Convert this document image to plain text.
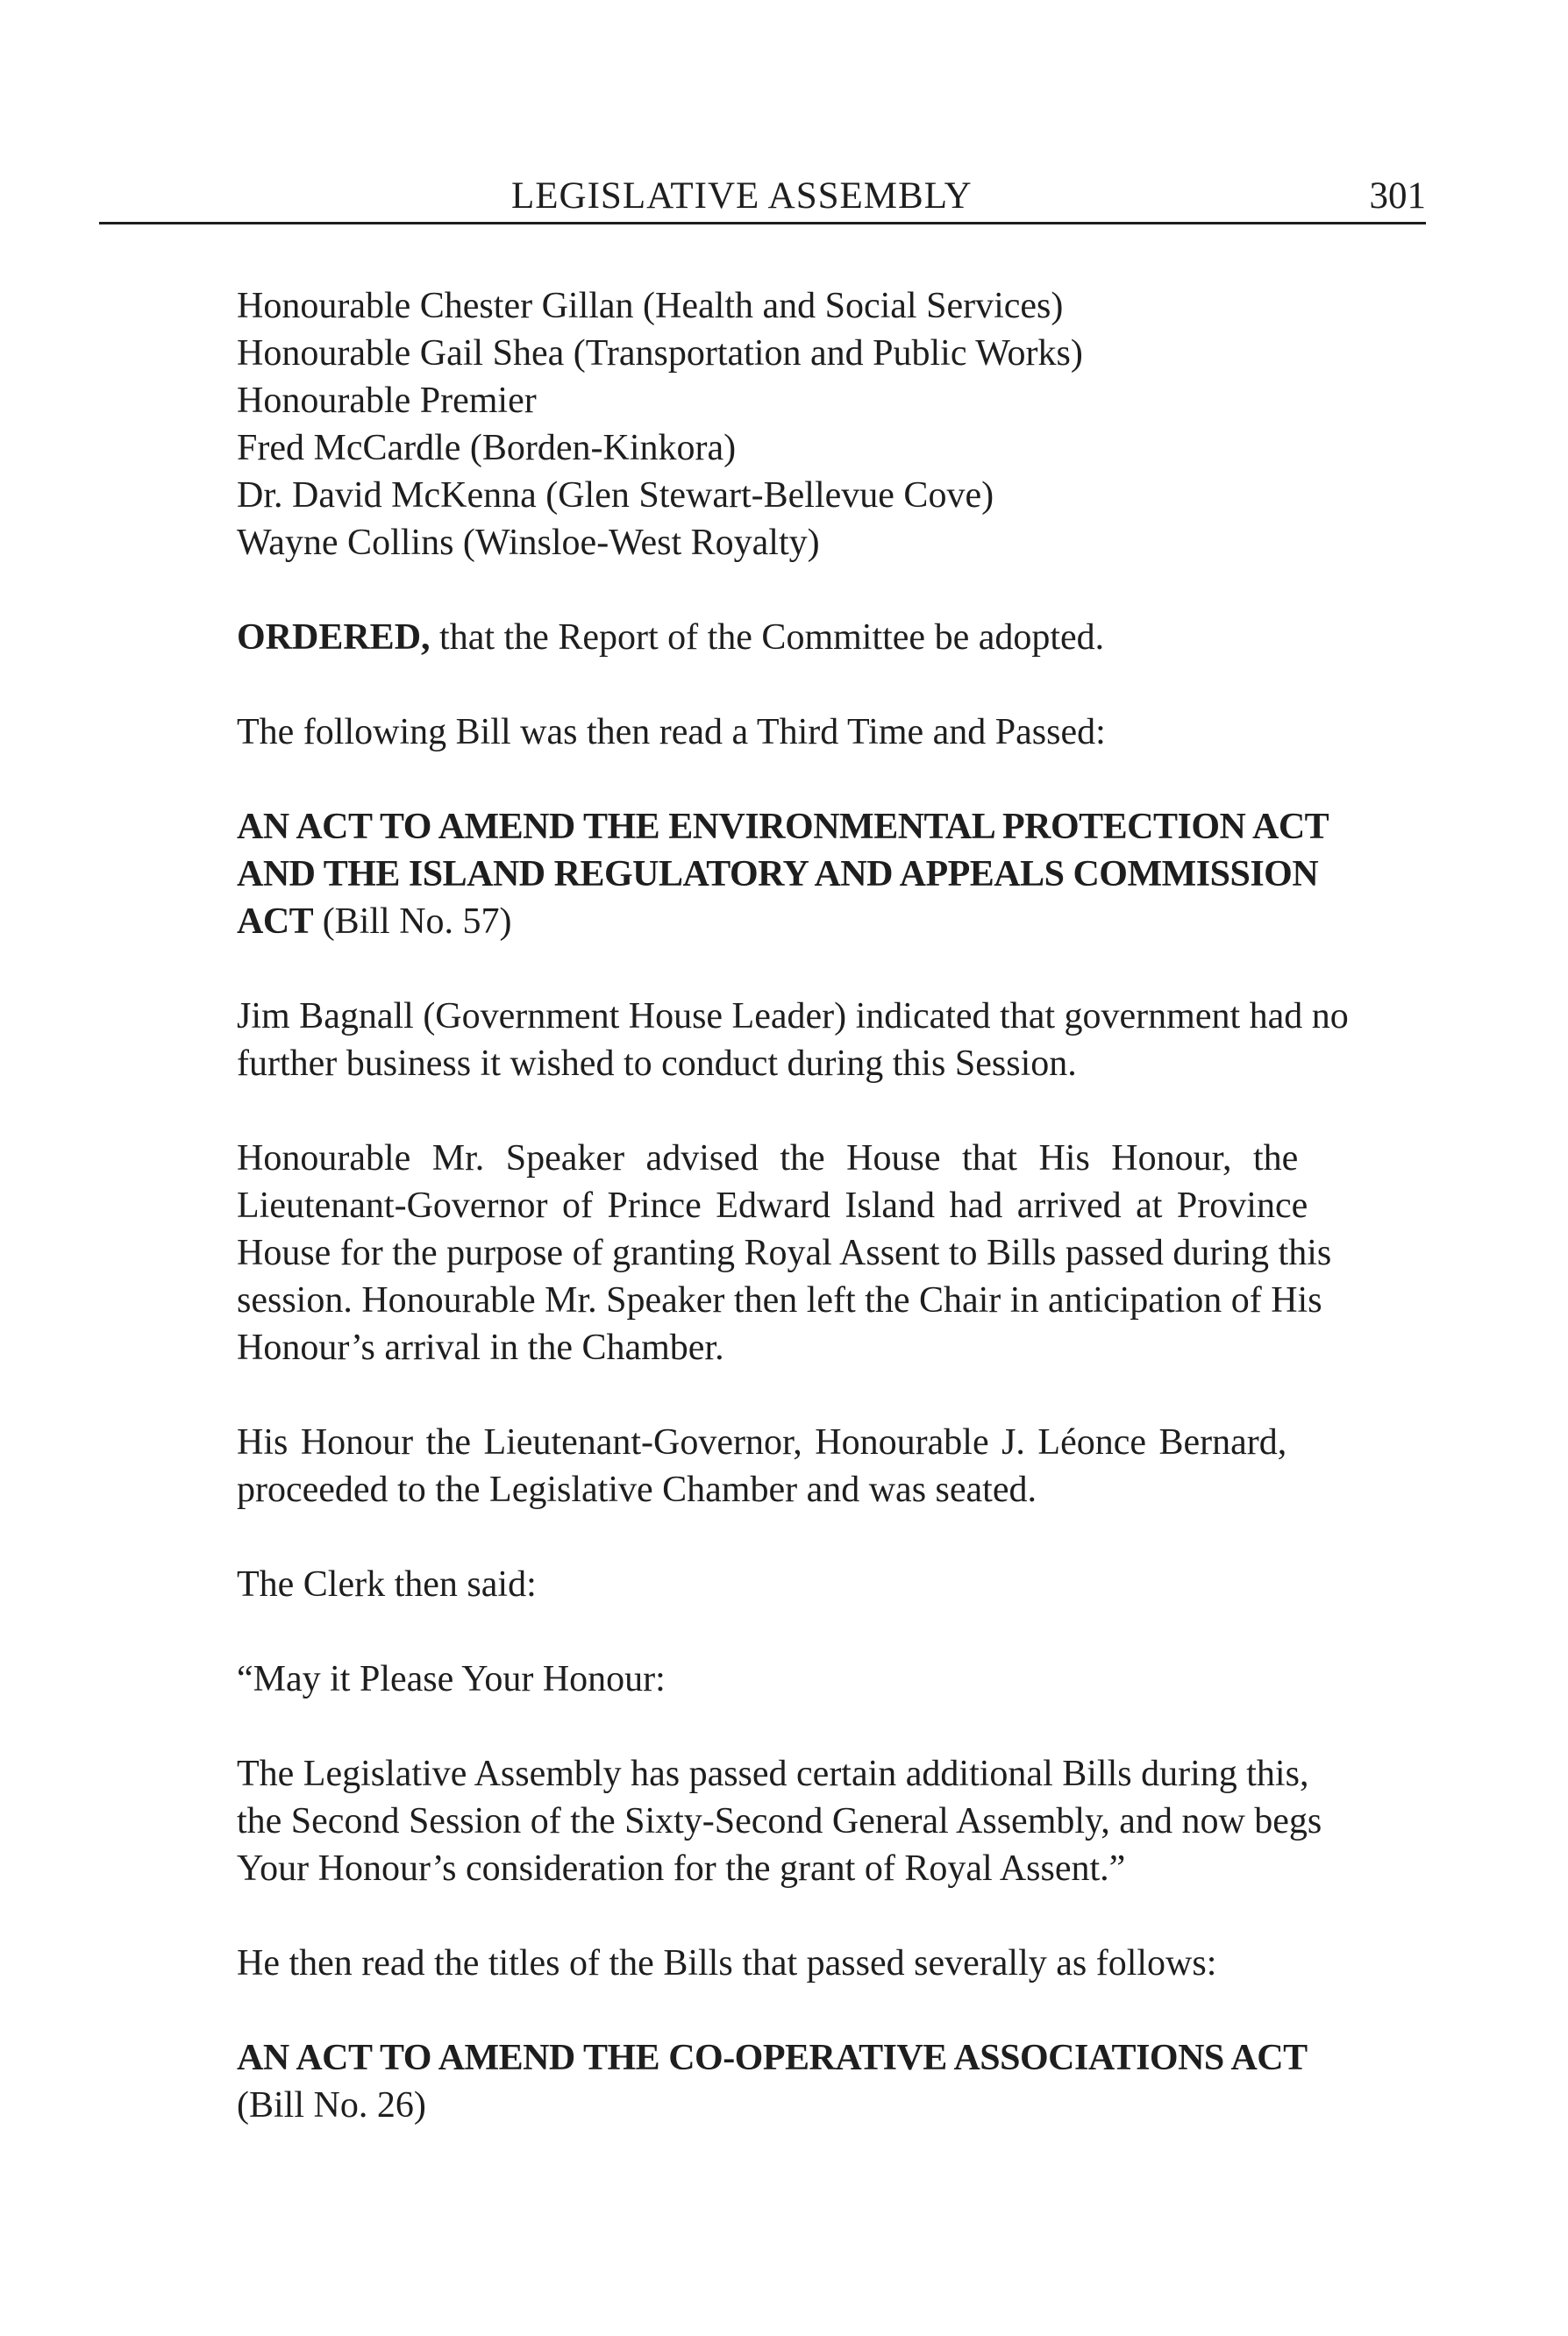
LEGISLATIVE ASSEMBLY	301
Honourable Chester Gillan (Health and Social Services)
Honourable Gail Shea (Transportation and Public Works)
Honourable Premier
Fred McCardle (Borden-Kinkora)
Dr. David McKenna (Glen Stewart-Bellevue Cove)
Wayne Collins (Winsloe-West Royalty)
ORDERED, that the Report of the Committee be adopted.
The following Bill was then read a Third Time and Passed:
AN ACT TO AMEND THE ENVIRONMENTAL PROTECTION ACT
AND THE ISLAND REGULATORY AND APPEALS COMMISSION
ACT (Bill No. 57)
Jim Bagnall (Government House Leader) indicated that government had no
further business it wished to conduct during this Session.
Honourable Mr. Speaker advised the House that His Honour, the
Lieutenant-Governor of Prince Edward Island had arrived at Province
House for the purpose of granting Royal Assent to Bills passed during this
session. Honourable Mr. Speaker then left the Chair in anticipation of His
Honour’s arrival in the Chamber.
His Honour the Lieutenant-Governor, Honourable J. Léonce Bernard,
proceeded to the Legislative Chamber and was seated.
The Clerk then said:
“May it Please Your Honour:
The Legislative Assembly has passed certain additional Bills during this,
the Second Session of the Sixty-Second General Assembly, and now begs
Your Honour’s consideration for the grant of Royal Assent.”
He then read the titles of the Bills that passed severally as follows:
AN ACT TO AMEND THE CO-OPERATIVE ASSOCIATIONS ACT
(Bill No. 26)
